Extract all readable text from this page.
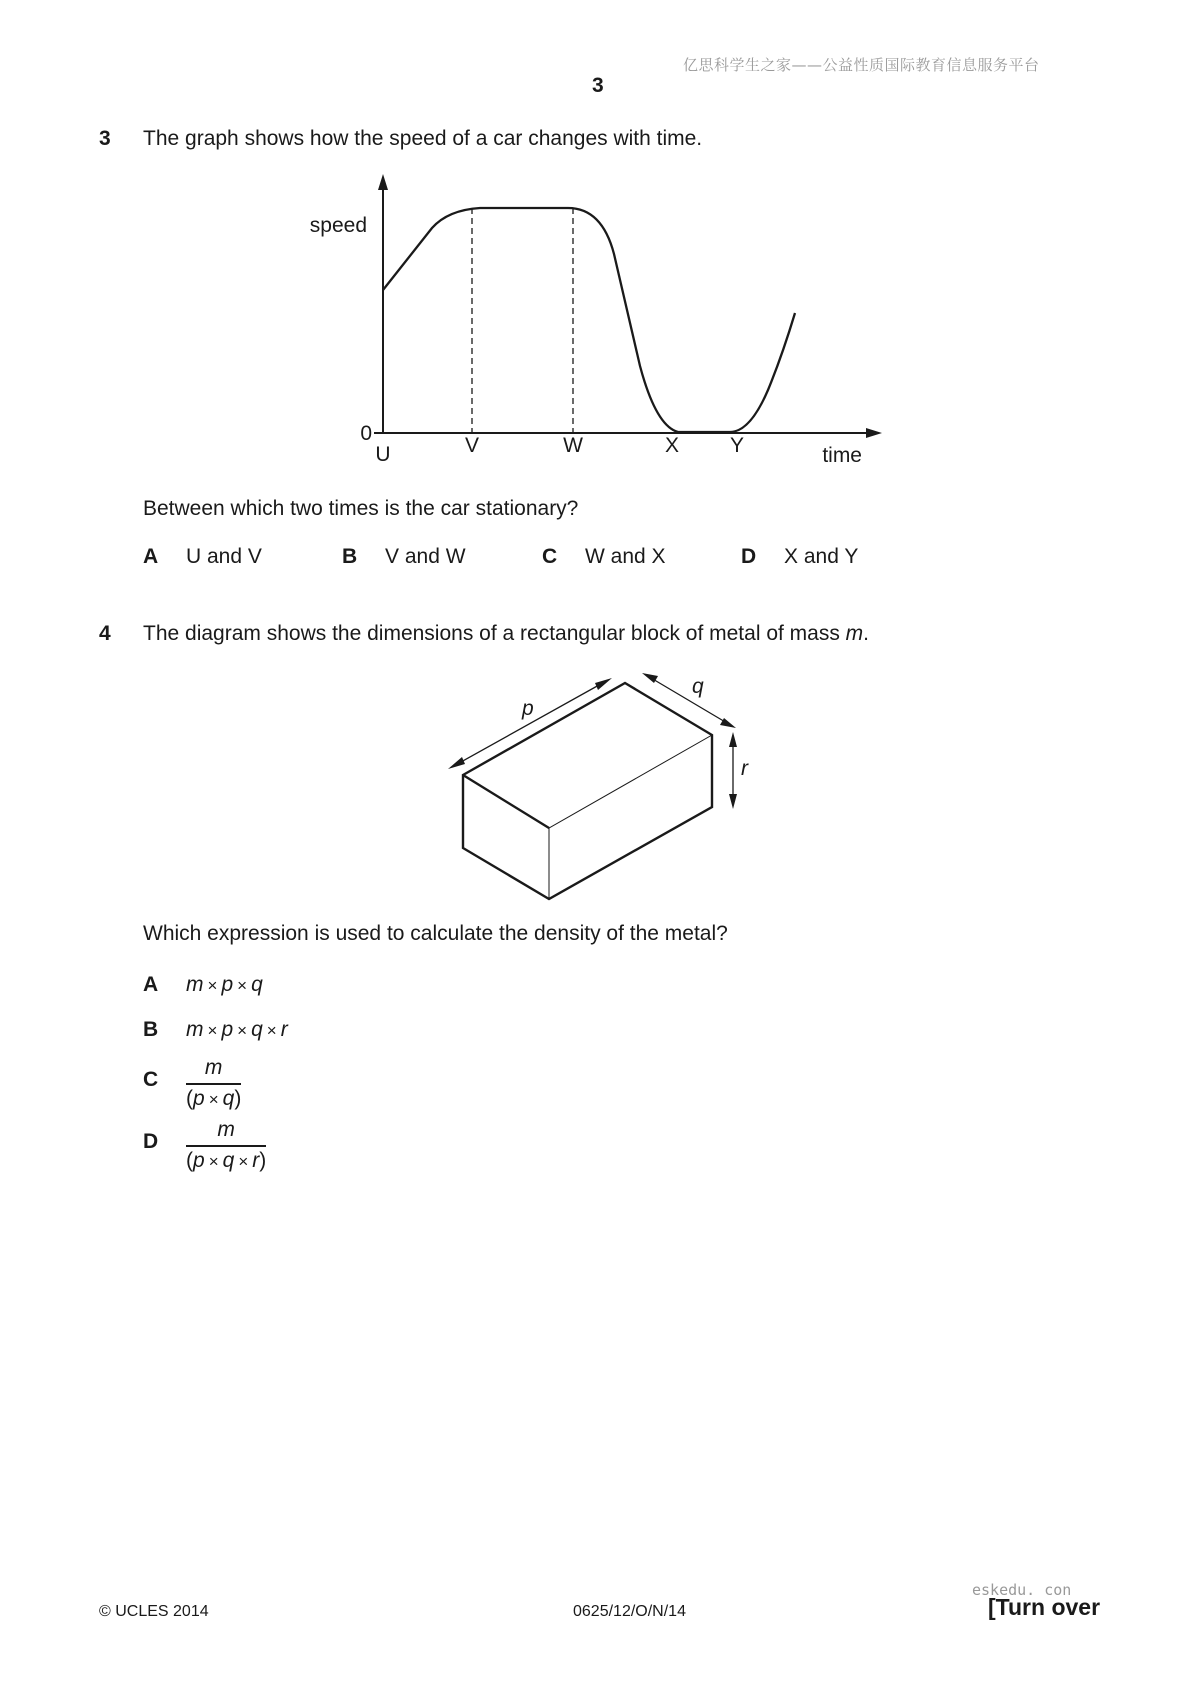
亿思科学生之家——公益性质国际教育信息服务平台
3
3 The graph shows how the speed of a car changes with time.
speed
time
0
U	V	W	X Y
Between which two times is the car stationary?
A U and V	B V and W	C W and X	D X and Y
4 The diagram shows the dimensions of a rectangular block of metal of mass m.
p
q
r
Which expression is used to calculate the density of the metal?
A m × p × q
B m × p × q × r
C
m
(p × q)
D
m
(p × q × r)
eskedu. con
© UCLES 2014	0625/12/O/N/14	[Turn over
